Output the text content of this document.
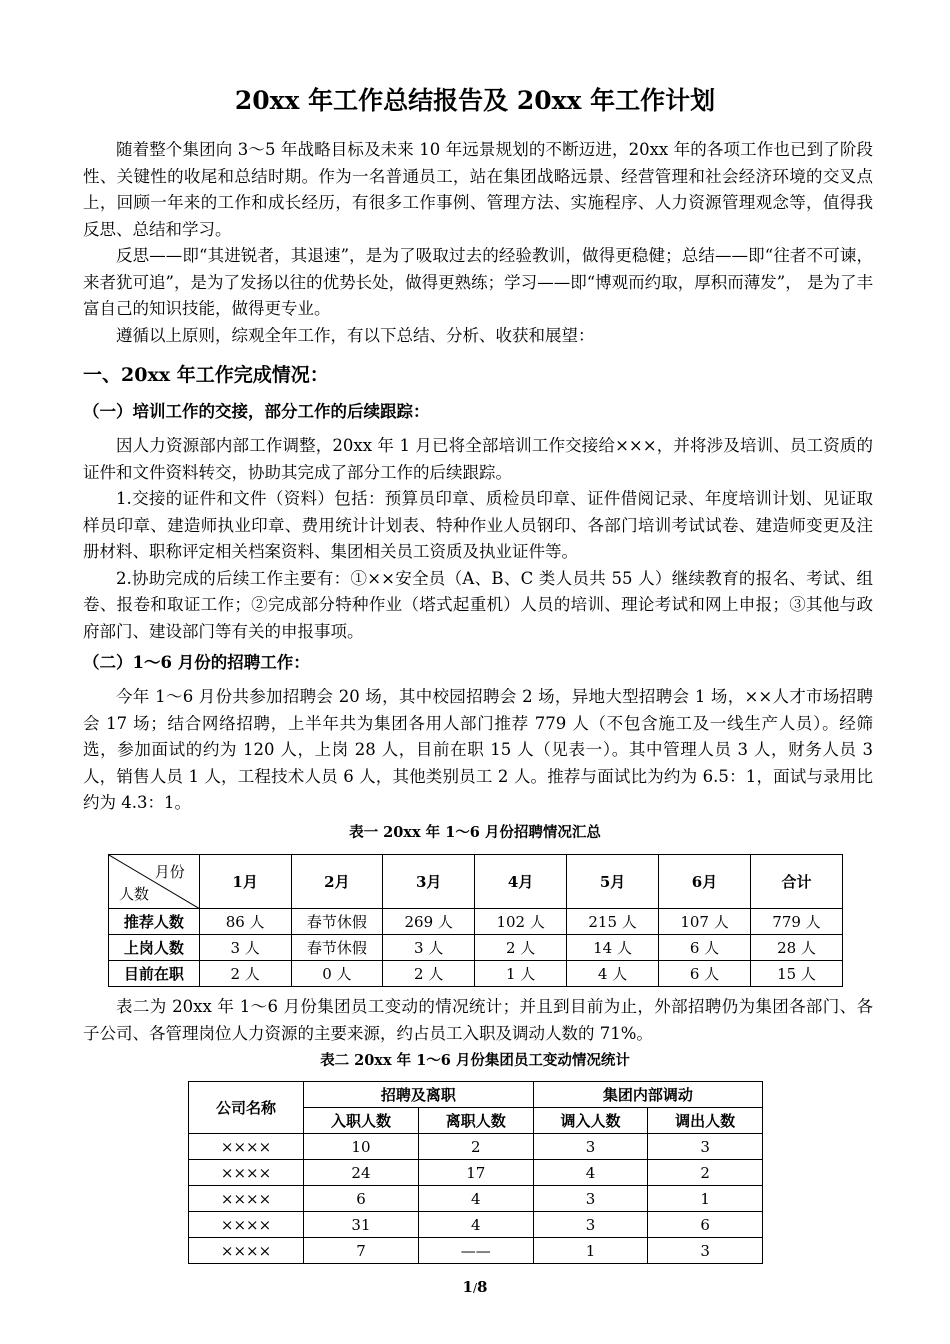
20xx 年工作总结报告及 20xx 年工作计划

随着整个集团向 3～5 年战略目标及未来 10 年远景规划的不断迈进，20xx 年的各项工作也已到了阶段性、关键性的收尾和总结时期。作为一名普通员工，站在集团战略远景、经营管理和社会经济环境的交叉点上，回顾一年来的工作和成长经历，有很多工作事例、管理方法、实施程序、人力资源管理观念等，值得我反思、总结和学习。

反思——即“其进锐者，其退速”，是为了吸取过去的经验教训，做得更稳健；总结——即“往者不可谏，来者犹可追”，是为了发扬以往的优势长处，做得更熟练；学习——即“博观而约取，厚积而薄发”， 是为了丰富自己的知识技能，做得更专业。

遵循以上原则，综观全年工作，有以下总结、分析、收获和展望：

一、20xx 年工作完成情况：
（一）培训工作的交接，部分工作的后续跟踪：

因人力资源部内部工作调整，20xx 年 1 月已将全部培训工作交接给×××，并将涉及培训、员工资质的证件和文件资料转交，协助其完成了部分工作的后续跟踪。

1.交接的证件和文件（资料）包括：预算员印章、质检员印章、证件借阅记录、年度培训计划、见证取样员印章、建造师执业印章、费用统计计划表、特种作业人员钢印、各部门培训考试试卷、建造师变更及注册材料、职称评定相关档案资料、集团相关员工资质及执业证件等。

2.协助完成的后续工作主要有：①××安全员（A、B、C 类人员共 55 人）继续教育的报名、考试、组卷、报卷和取证工作；②完成部分特种作业（塔式起重机）人员的培训、理论考试和网上申报；③其他与政府部门、建设部门等有关的申报事项。

（二）1～6 月份的招聘工作：

今年 1～6 月份共参加招聘会 20 场，其中校园招聘会 2 场，异地大型招聘会 1 场，××人才市场招聘会 17 场；结合网络招聘，上半年共为集团各用人部门推荐 779 人（不包含施工及一线生产人员）。经筛选，参加面试的约为 120 人，上岗 28 人，目前在职 15 人（见表一）。其中管理人员 3 人，财务人员 3 人，销售人员 1 人，工程技术人员 6 人，其他类别员工 2 人。推荐与面试比为约为 6.5：1，面试与录用比约为 4.3：1。

表一 20xx 年 1～6 月份招聘情况汇总
月份
人数	1月	2月	3月	4月	5月	6月	合计
推荐人数	86 人	春节休假	269 人	102 人	215 人	107 人	779 人
上岗人数	3 人	春节休假	3 人	2 人	14 人	6 人	28 人
目前在职	2 人	0 人	2 人	1 人	4 人	6 人	15 人

表二为 20xx 年 1～6 月份集团员工变动的情况统计；并且到目前为止，外部招聘仍为集团各部门、各子公司、各管理岗位人力资源的主要来源，约占员工入职及调动人数的 71%。

表二 20xx 年 1～6 月份集团员工变动情况统计
公司名称	招聘及离职		集团内部调动	
	入职人数	离职人数	调入人数	调出人数
××××	10	2	3	3
××××	24	17	4	2
××××	6	4	3	1
××××	31	4	3	6
××××	7	——	1	3
1/8
